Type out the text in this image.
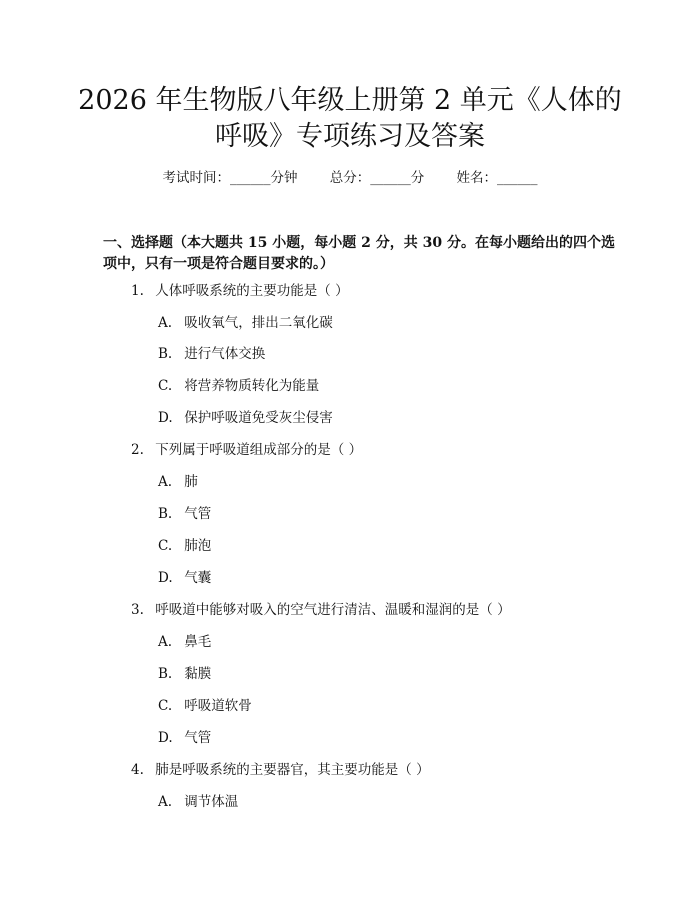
2026 年生物版八年级上册第 2 单元《人体的
呼吸》专项练习及答案
考试时间：______分钟 总分：______分 姓名：______
一、选择题（本大题共 15 小题，每小题 2 分，共 30 分。在每小题给出的四个选
项中，只有一项是符合题目要求的。）
1. 人体呼吸系统的主要功能是（ ）
A. 吸收氧气，排出二氧化碳
B. 进行气体交换
C. 将营养物质转化为能量
D. 保护呼吸道免受灰尘侵害
2. 下列属于呼吸道组成部分的是（ ）
A. 肺
B. 气管
C. 肺泡
D. 气囊
3. 呼吸道中能够对吸入的空气进行清洁、温暖和湿润的是（ ）
A. 鼻毛
B. 黏膜
C. 呼吸道软骨
D. 气管
4. 肺是呼吸系统的主要器官，其主要功能是（ ）
A. 调节体温
